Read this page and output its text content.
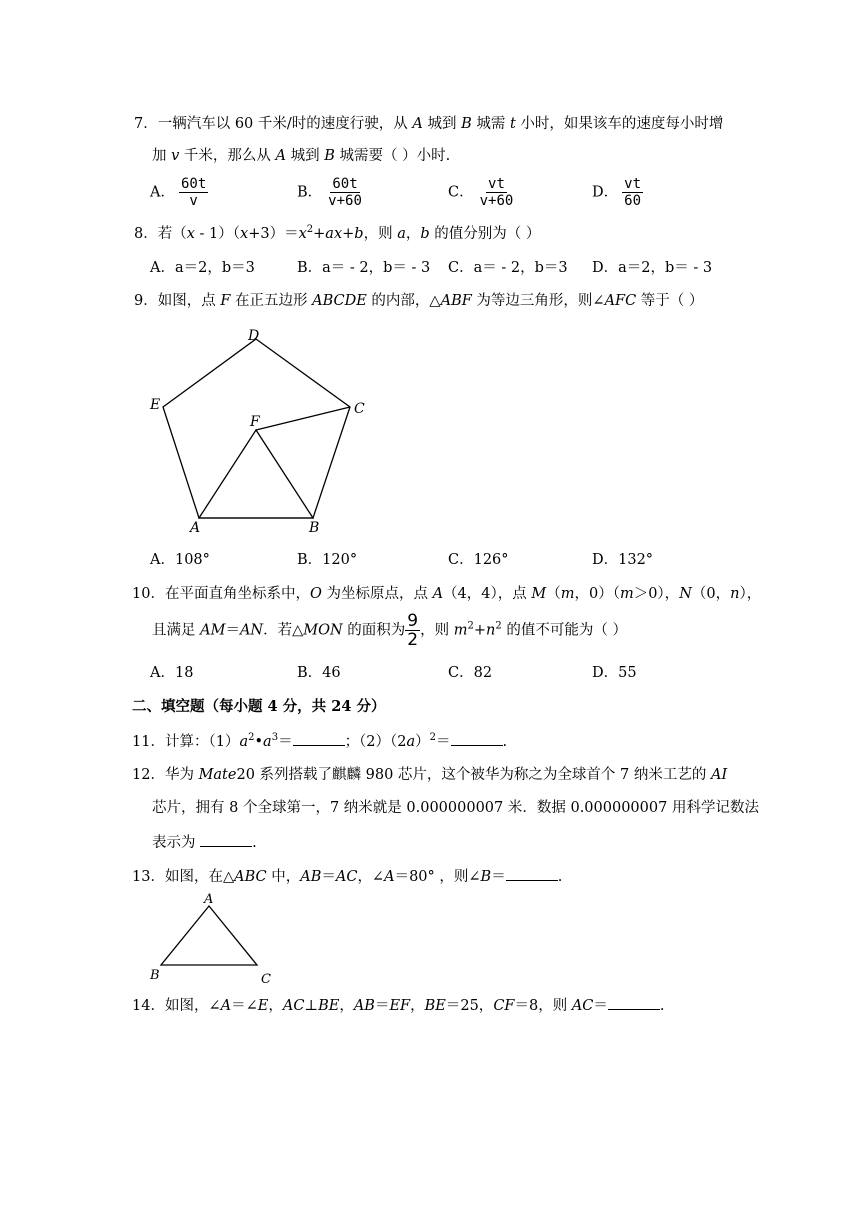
7．一辆汽车以 60 千米/时的速度行驶，从 A 城到 B 城需 t 小时，如果该车的速度每小时增
加 v 千米，那么从 A 城到 B 城需要（ ）小时.
A． $\frac{60t}{v}$	B． $\frac{60t}{v+60}$	C． $\frac{vt}{v+60}$	D． $\frac{vt}{60}$
8．若$(x - 1)(x+3)=x^2+ax+b$，则 a，b 的值分别为（ ）
A．a＝2，b＝3	B．a＝ - 2，b＝ - 3 C．a＝ - 2，b＝3 D．a＝2，b＝ - 3
9．如图，点 F 在正五边形 ABCDE 的内部，△ABF 为等边三角形，则∠AFC 等于（ ）
A	B
C
D
E
F
A．108°	B．120°	C．126°	D．132°
10．在平面直角坐标系中，O 为坐标原点，点 A（4，4），点 M（m，0）（m＞0），N（0，n），
且满足 AM＝AN．若△MON 的面积为 $\frac{9}{2}$ ，则 $m^2+n^2$ 的值不可能为（ ）
A．18	B．46	C．82	D．55
二、填空题（每小题 4 分，共 24 分）
11．计算：$(1)a^2•a^3=$	；$(2)(2a)^2=$	.
12．华为 Mate20 系列搭载了麒麟 980 芯片，这个被华为称之为全球首个 7 纳米工艺的 AI
芯片，拥有 8 个全球第一，7 纳米就是 0.000000007 米．数据 0.000000007 用科学记数法
表示为	.
13．如图，在△ABC 中，AB＝AC，∠A＝80° ，则∠B＝	.
A
B	C
14．如图，∠A＝∠E，AC⊥BE，AB＝EF，BE＝25，CF＝8，则 AC＝	.
